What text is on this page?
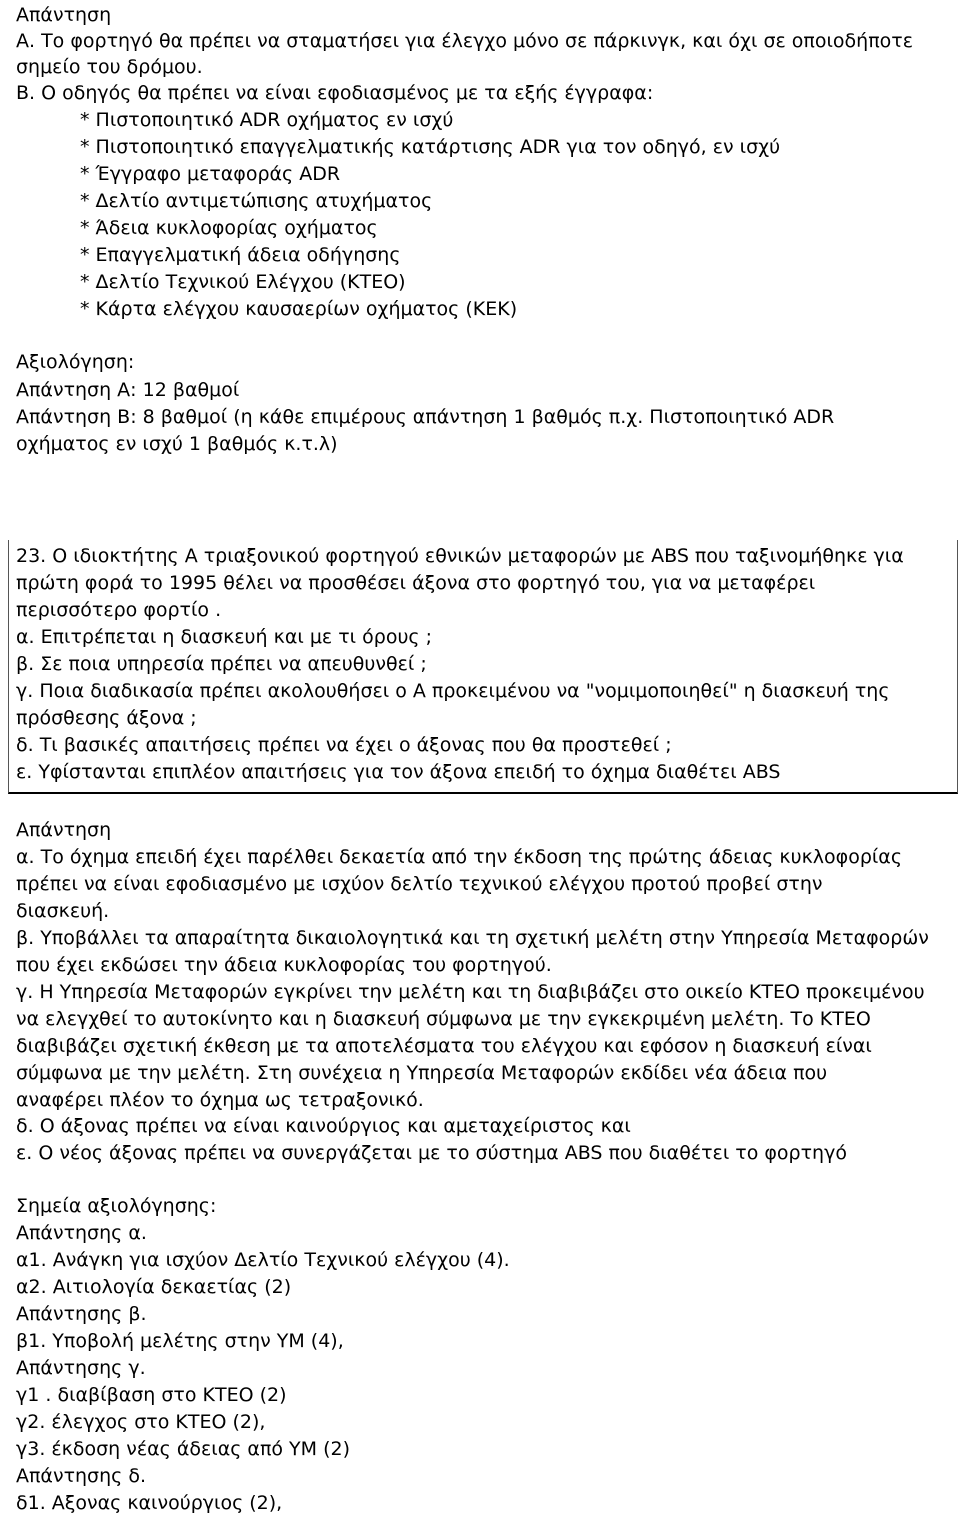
Απάντηση
Α. Το φορτηγό θα πρέπει να σταματήσει για έλεγχο μόνο σε πάρκινγκ, και όχι σε οποιοδήποτε
σημείο του δρόμου.
Β. Ο οδηγός θα πρέπει να είναι εφοδιασμένος με τα εξής έγγραφα:
* Πιστοποιητικό ADR οχήματος εν ισχύ
* Πιστοποιητικό επαγγελματικής κατάρτισης ADR για τον οδηγό, εν ισχύ
* Έγγραφο μεταφοράς ADR
* Δελτίο αντιμετώπισης ατυχήματος
* Άδεια κυκλοφορίας οχήματος
* Επαγγελματική άδεια οδήγησης
* Δελτίο Τεχνικού Ελέγχου (ΚΤΕΟ)
* Κάρτα ελέγχου καυσαερίων οχήματος (ΚΕΚ)
Αξιολόγηση:
Απάντηση Α: 12 βαθμοί
Απάντηση Β: 8 βαθμοί (η κάθε επιμέρους απάντηση 1 βαθμός π.χ. Πιστοποιητικό ADR
οχήματος εν ισχύ 1 βαθμός κ.τ.λ)
23. Ο ιδιοκτήτης Α τριαξονικού φορτηγού εθνικών μεταφορών με ABS που ταξινομήθηκε για
πρώτη φορά το 1995 θέλει να προσθέσει άξονα στο φορτηγό του, για να μεταφέρει
περισσότερο φορτίο .
α. Επιτρέπεται η διασκευή και με τι όρους ;
β. Σε ποια υπηρεσία πρέπει να απευθυνθεί ;
γ. Ποια διαδικασία πρέπει ακολουθήσει ο Α προκειμένου να "νομιμοποιηθεί" η διασκευή της
πρόσθεσης άξονα ;
δ. Τι βασικές απαιτήσεις πρέπει να έχει ο άξονας που θα προστεθεί ;
ε. Υφίστανται επιπλέον απαιτήσεις για τον άξονα επειδή το όχημα διαθέτει ABS
Απάντηση
α. Το όχημα επειδή έχει παρέλθει δεκαετία από την έκδοση της πρώτης άδειας κυκλοφορίας
πρέπει να είναι εφοδιασμένο με ισχύον δελτίο τεχνικού ελέγχου προτού προβεί στην
διασκευή.
β. Υποβάλλει τα απαραίτητα δικαιολογητικά και τη σχετική μελέτη στην Υπηρεσία Μεταφορών
που έχει εκδώσει την άδεια κυκλοφορίας του φορτηγού.
γ. Η Υπηρεσία Μεταφορών εγκρίνει την μελέτη και τη διαβιβάζει στο οικείο ΚΤΕΟ προκειμένου
να ελεγχθεί το αυτοκίνητο και η διασκευή σύμφωνα με την εγκεκριμένη μελέτη. Το ΚΤΕΟ
διαβιβάζει σχετική έκθεση με τα αποτελέσματα του ελέγχου και εφόσον η διασκευή είναι
σύμφωνα με την μελέτη. Στη συνέχεια η Υπηρεσία Μεταφορών εκδίδει νέα άδεια που
αναφέρει πλέον το όχημα ως τετραξονικό.
δ. Ο άξονας πρέπει να είναι καινούργιος και αμεταχείριστος και
ε. Ο νέος άξονας πρέπει να συνεργάζεται με το σύστημα ABS που διαθέτει το φορτηγό
Σημεία αξιολόγησης:
Απάντησης α.
α1. Ανάγκη για ισχύον Δελτίο Τεχνικού ελέγχου (4).
α2. Αιτιολογία δεκαετίας (2)
Απάντησης β.
β1. Υποβολή μελέτης στην ΥΜ (4),
Απάντησης γ.
γ1 . διαβίβαση στο ΚΤΕΟ (2)
γ2. έλεγχος στο ΚΤΕΟ (2),
γ3. έκδοση νέας άδειας από ΥΜ (2)
Απάντησης δ.
δ1. Αξονας καινούργιος (2),
